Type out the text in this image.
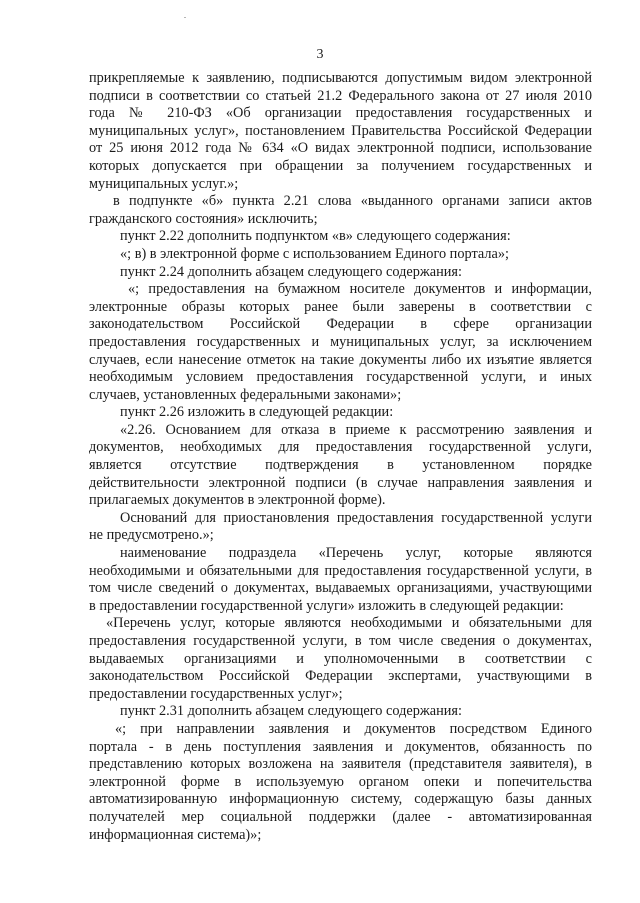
3
прикрепляемые к заявлению, подписываются допустимым видом электронной
подписи в соответствии со статьей 21.2 Федерального закона от 27 июля 2010
года № 210-ФЗ «Об организации предоставления государственных и
муниципальных услуг», постановлением Правительства Российской Федерации
от 25 июня 2012 года № 634 «О видах электронной подписи, использование
которых допускается при обращении за получением государственных и
муниципальных услуг.»;
в подпункте «б» пункта 2.21 слова «выданного органами записи актов
гражданского состояния» исключить;
пункт 2.22 дополнить подпунктом «в» следующего содержания:
«; в) в электронной форме с использованием Единого портала»;
пункт 2.24 дополнить абзацем следующего содержания:
«; предоставления на бумажном носителе документов и информации,
электронные образы которых ранее были заверены в соответствии с
законодательством Российской Федерации в сфере организации
предоставления государственных и муниципальных услуг, за исключением
случаев, если нанесение отметок на такие документы либо их изъятие является
необходимым условием предоставления государственной услуги, и иных
случаев, установленных федеральными законами»;
пункт 2.26 изложить в следующей редакции:
«2.26. Основанием для отказа в приеме к рассмотрению заявления и
документов, необходимых для предоставления государственной услуги,
является отсутствие подтверждения в установленном порядке
действительности электронной подписи (в случае направления заявления и
прилагаемых документов в электронной форме).
Оснований для приостановления предоставления государственной услуги
не предусмотрено.»;
наименование подраздела «Перечень услуг, которые являются
необходимыми и обязательными для предоставления государственной услуги, в
том числе сведений о документах, выдаваемых организациями, участвующими
в предоставлении государственной услуги» изложить в следующей редакции:
«Перечень услуг, которые являются необходимыми и обязательными для
предоставления государственной услуги, в том числе сведения о документах,
выдаваемых организациями и уполномоченными в соответствии с
законодательством Российской Федерации экспертами, участвующими в
предоставлении государственных услуг»;
пункт 2.31 дополнить абзацем следующего содержания:
«; при направлении заявления и документов посредством Единого
портала - в день поступления заявления и документов, обязанность по
представлению которых возложена на заявителя (представителя заявителя), в
электронной форме в используемую органом опеки и попечительства
автоматизированную информационную систему, содержащую базы данных
получателей мер социальной поддержки (далее - автоматизированная
информационная система)»;
